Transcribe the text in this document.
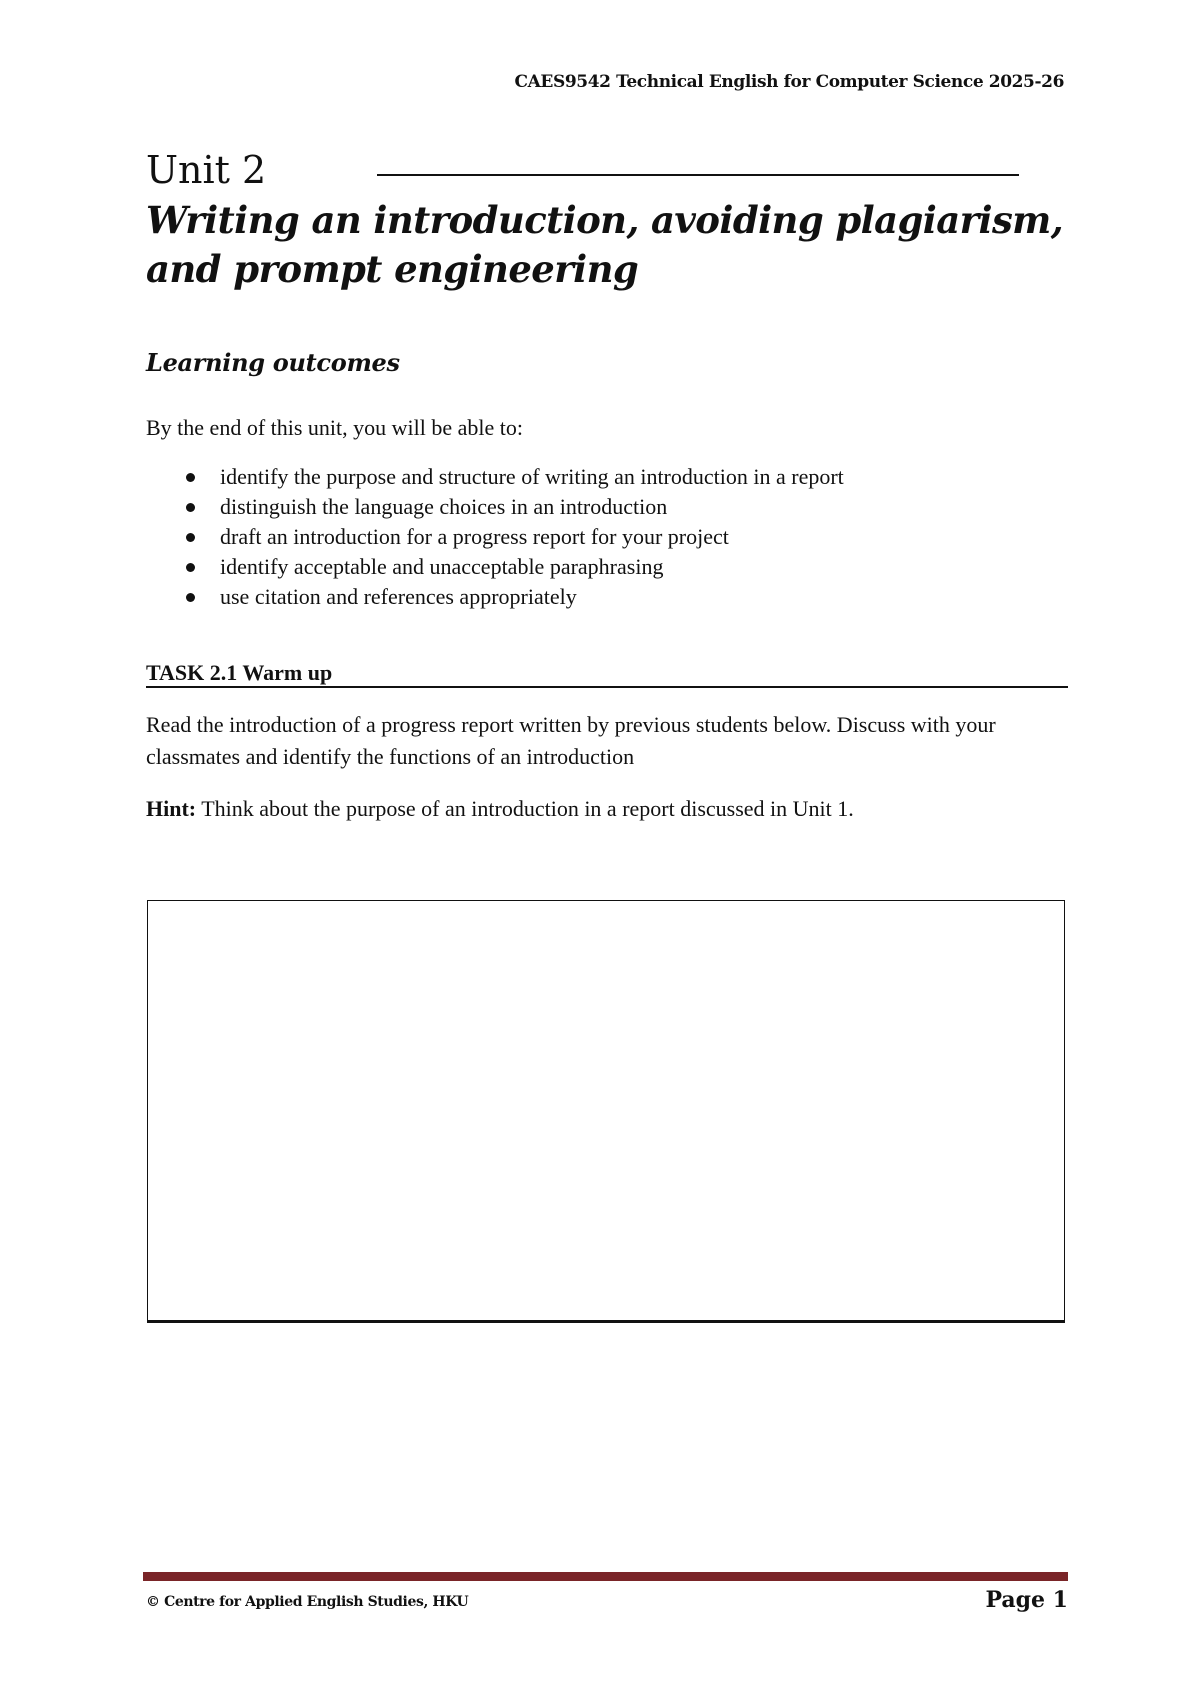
CAES9542 Technical English for Computer Science 2025-26
Unit 2
Writing an introduction, avoiding plagiarism, and prompt engineering
Learning outcomes
By the end of this unit, you will be able to:
identify the purpose and structure of writing an introduction in a report
distinguish the language choices in an introduction
draft an introduction for a progress report for your project
identify acceptable and unacceptable paraphrasing
use citation and references appropriately
TASK 2.1 Warm up

Read the introduction of a progress report written by previous students below. Discuss with your classmates and identify the functions of an introduction

Hint: Think about the purpose of an introduction in a report discussed in Unit 1.
© Centre for Applied English Studies, HKU	Page 1
